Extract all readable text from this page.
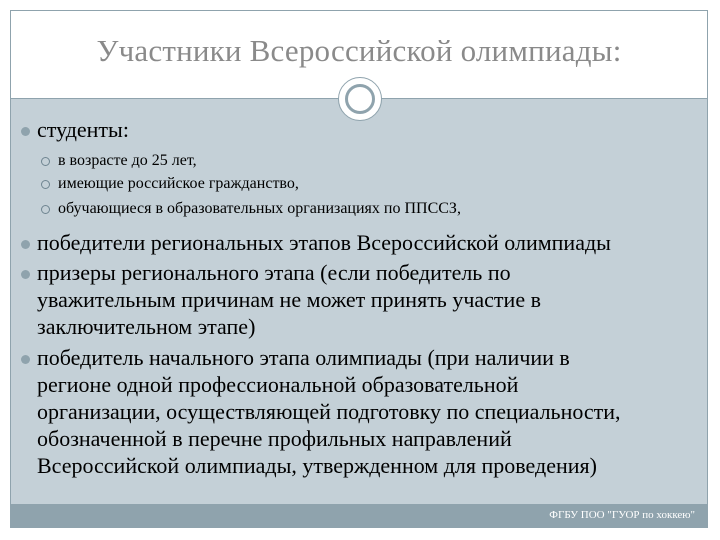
Участники Всероссийской олимпиады:
студенты:
в возрасте до 25 лет,
имеющие российское гражданство,
обучающиеся в образовательных организациях по ППССЗ,
победители региональных этапов Всероссийской олимпиады
призеры регионального этапа (если победитель по
уважительным причинам не может принять участие в
заключительном этапе)
победитель начального этапа олимпиады (при наличии в
регионе одной профессиональной образовательной
организации, осуществляющей подготовку по специальности,
обозначенной в перечне профильных направлений
Всероссийской олимпиады, утвержденном для проведения)
ФГБУ ПОО "ГУОР по хоккею"
